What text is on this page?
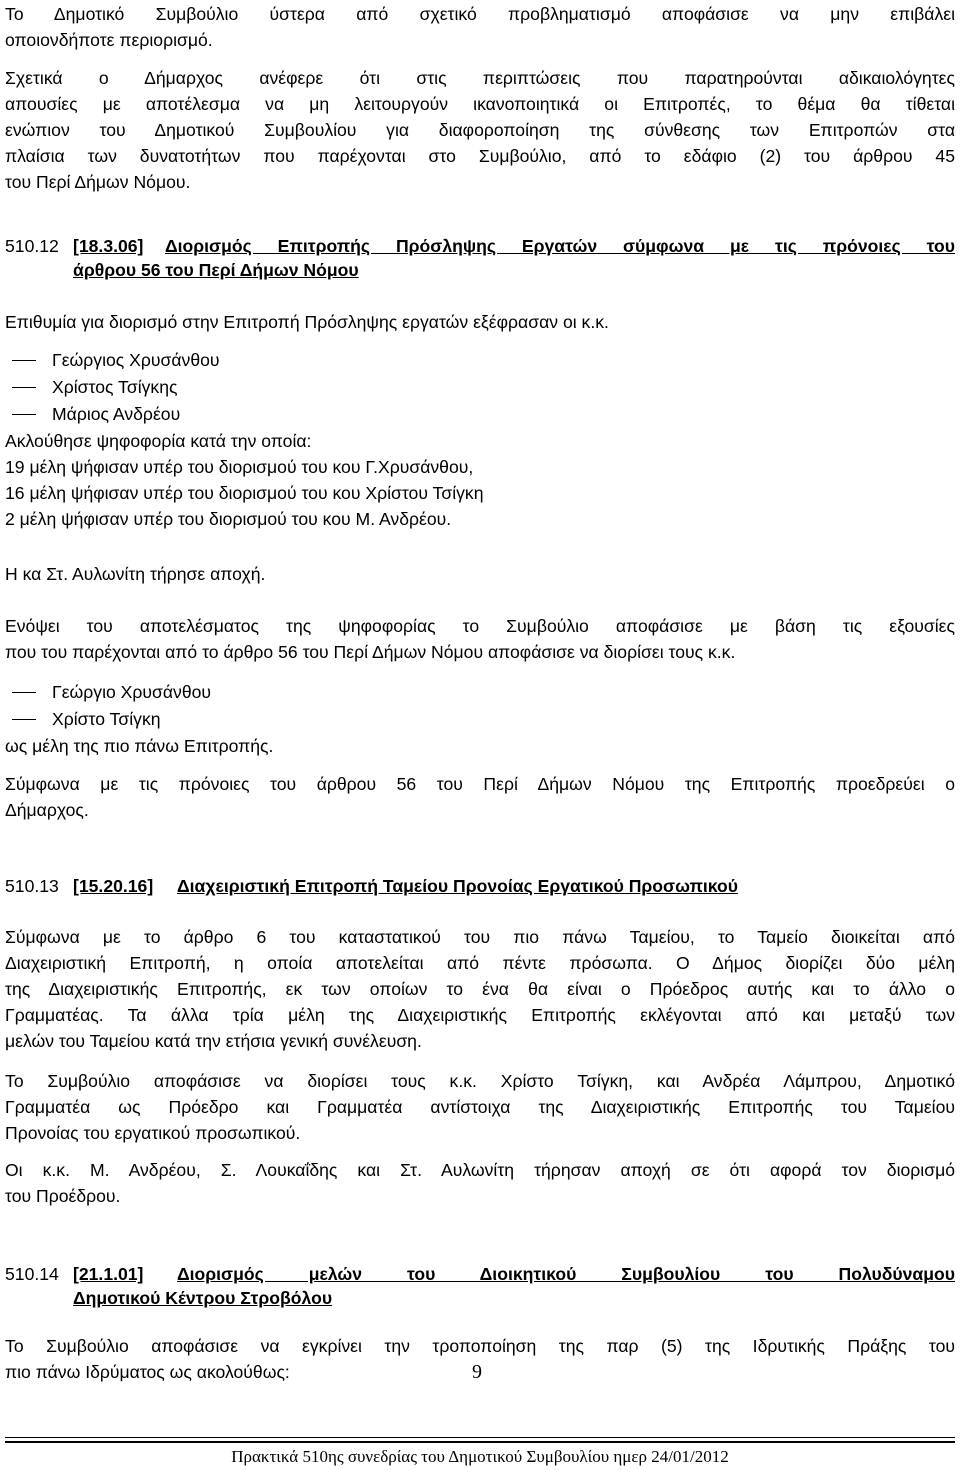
Το Δημοτικό Συμβούλιο ύστερα από σχετικό προβληματισμό αποφάσισε να μην επιβάλει
οποιονδήποτε περιορισμό.
Σχετικά ο Δήμαρχος ανέφερε ότι στις περιπτώσεις που παρατηρούνται αδικαιολόγητες
απουσίες με αποτέλεσμα να μη λειτουργούν ικανοποιητικά οι Επιτροπές, το θέμα θα τίθεται
ενώπιον του Δημοτικού Συμβουλίου για διαφοροποίηση της σύνθεσης των Επιτροπών στα
πλαίσια των δυνατοτήτων που παρέχονται στο Συμβούλιο, από το εδάφιο (2) του άρθρου 45
του Περί Δήμων Νόμου.
510.12 [18.3.06] Διορισμός Επιτροπής Πρόσληψης Εργατών σύμφωνα με τις πρόνοιες του
άρθρου 56 του Περί Δήμων Νόμου
Επιθυμία για διορισμό στην Επιτροπή Πρόσληψης εργατών εξέφρασαν οι κ.κ.
Γεώργιος Χρυσάνθου
Χρίστος Τσίγκης
Μάριος Ανδρέου
Ακλούθησε ψηφοφορία κατά την οποία:
19 μέλη ψήφισαν υπέρ του διορισμού του κου Γ.Χρυσάνθου,
16 μέλη ψήφισαν υπέρ του διορισμού του κου Χρίστου Τσίγκη
2 μέλη ψήφισαν υπέρ του διορισμού του κου Μ. Ανδρέου.
Η κα Στ. Αυλωνίτη τήρησε αποχή.
Ενόψει του αποτελέσματος της ψηφοφορίας το Συμβούλιο αποφάσισε με βάση τις εξουσίες
που του παρέχονται από το άρθρο 56 του Περί Δήμων Νόμου αποφάσισε να διορίσει τους κ.κ.
Γεώργιο Χρυσάνθου
Χρίστο Τσίγκη
ως μέλη της πιο πάνω Επιτροπής.
Σύμφωνα με τις πρόνοιες του άρθρου 56 του Περί Δήμων Νόμου της Επιτροπής προεδρεύει ο
Δήμαρχος.
510.13 [15.20.16] Διαχειριστική Επιτροπή Ταμείου Προνοίας Εργατικού Προσωπικού
Σύμφωνα με το άρθρο 6 του καταστατικού του πιο πάνω Ταμείου, το Ταμείο διοικείται από
Διαχειριστική Επιτροπή, η οποία αποτελείται από πέντε πρόσωπα. Ο Δήμος διορίζει δύο μέλη
της Διαχειριστικής Επιτροπής, εκ των οποίων το ένα θα είναι ο Πρόεδρος αυτής και το άλλο ο
Γραμματέας. Τα άλλα τρία μέλη της Διαχειριστικής Επιτροπής εκλέγονται από και μεταξύ των
μελών του Ταμείου κατά την ετήσια γενική συνέλευση.
Το Συμβούλιο αποφάσισε να διορίσει τους κ.κ. Χρίστο Τσίγκη, και Ανδρέα Λάμπρου, Δημοτικό
Γραμματέα ως Πρόεδρο και Γραμματέα αντίστοιχα της Διαχειριστικής Επιτροπής του Ταμείου
Προνοίας του εργατικού προσωπικού.
Οι κ.κ. Μ. Ανδρέου, Σ. Λουκαΐδης και Στ. Αυλωνίτη τήρησαν αποχή σε ότι αφορά τον διορισμό
του Προέδρου.
510.14 [21.1.01] Διορισμός μελών του Διοικητικού Συμβουλίου του Πολυδύναμου
Δημοτικού Κέντρου Στροβόλου
Το Συμβούλιο αποφάσισε να εγκρίνει την τροποποίηση της παρ (5) της Ιδρυτικής Πράξης του
πιο πάνω Ιδρύματος ως ακολούθως:	9
Πρακτικά 510ης συνεδρίας του Δημοτικού Συμβουλίου ημερ 24/01/2012
